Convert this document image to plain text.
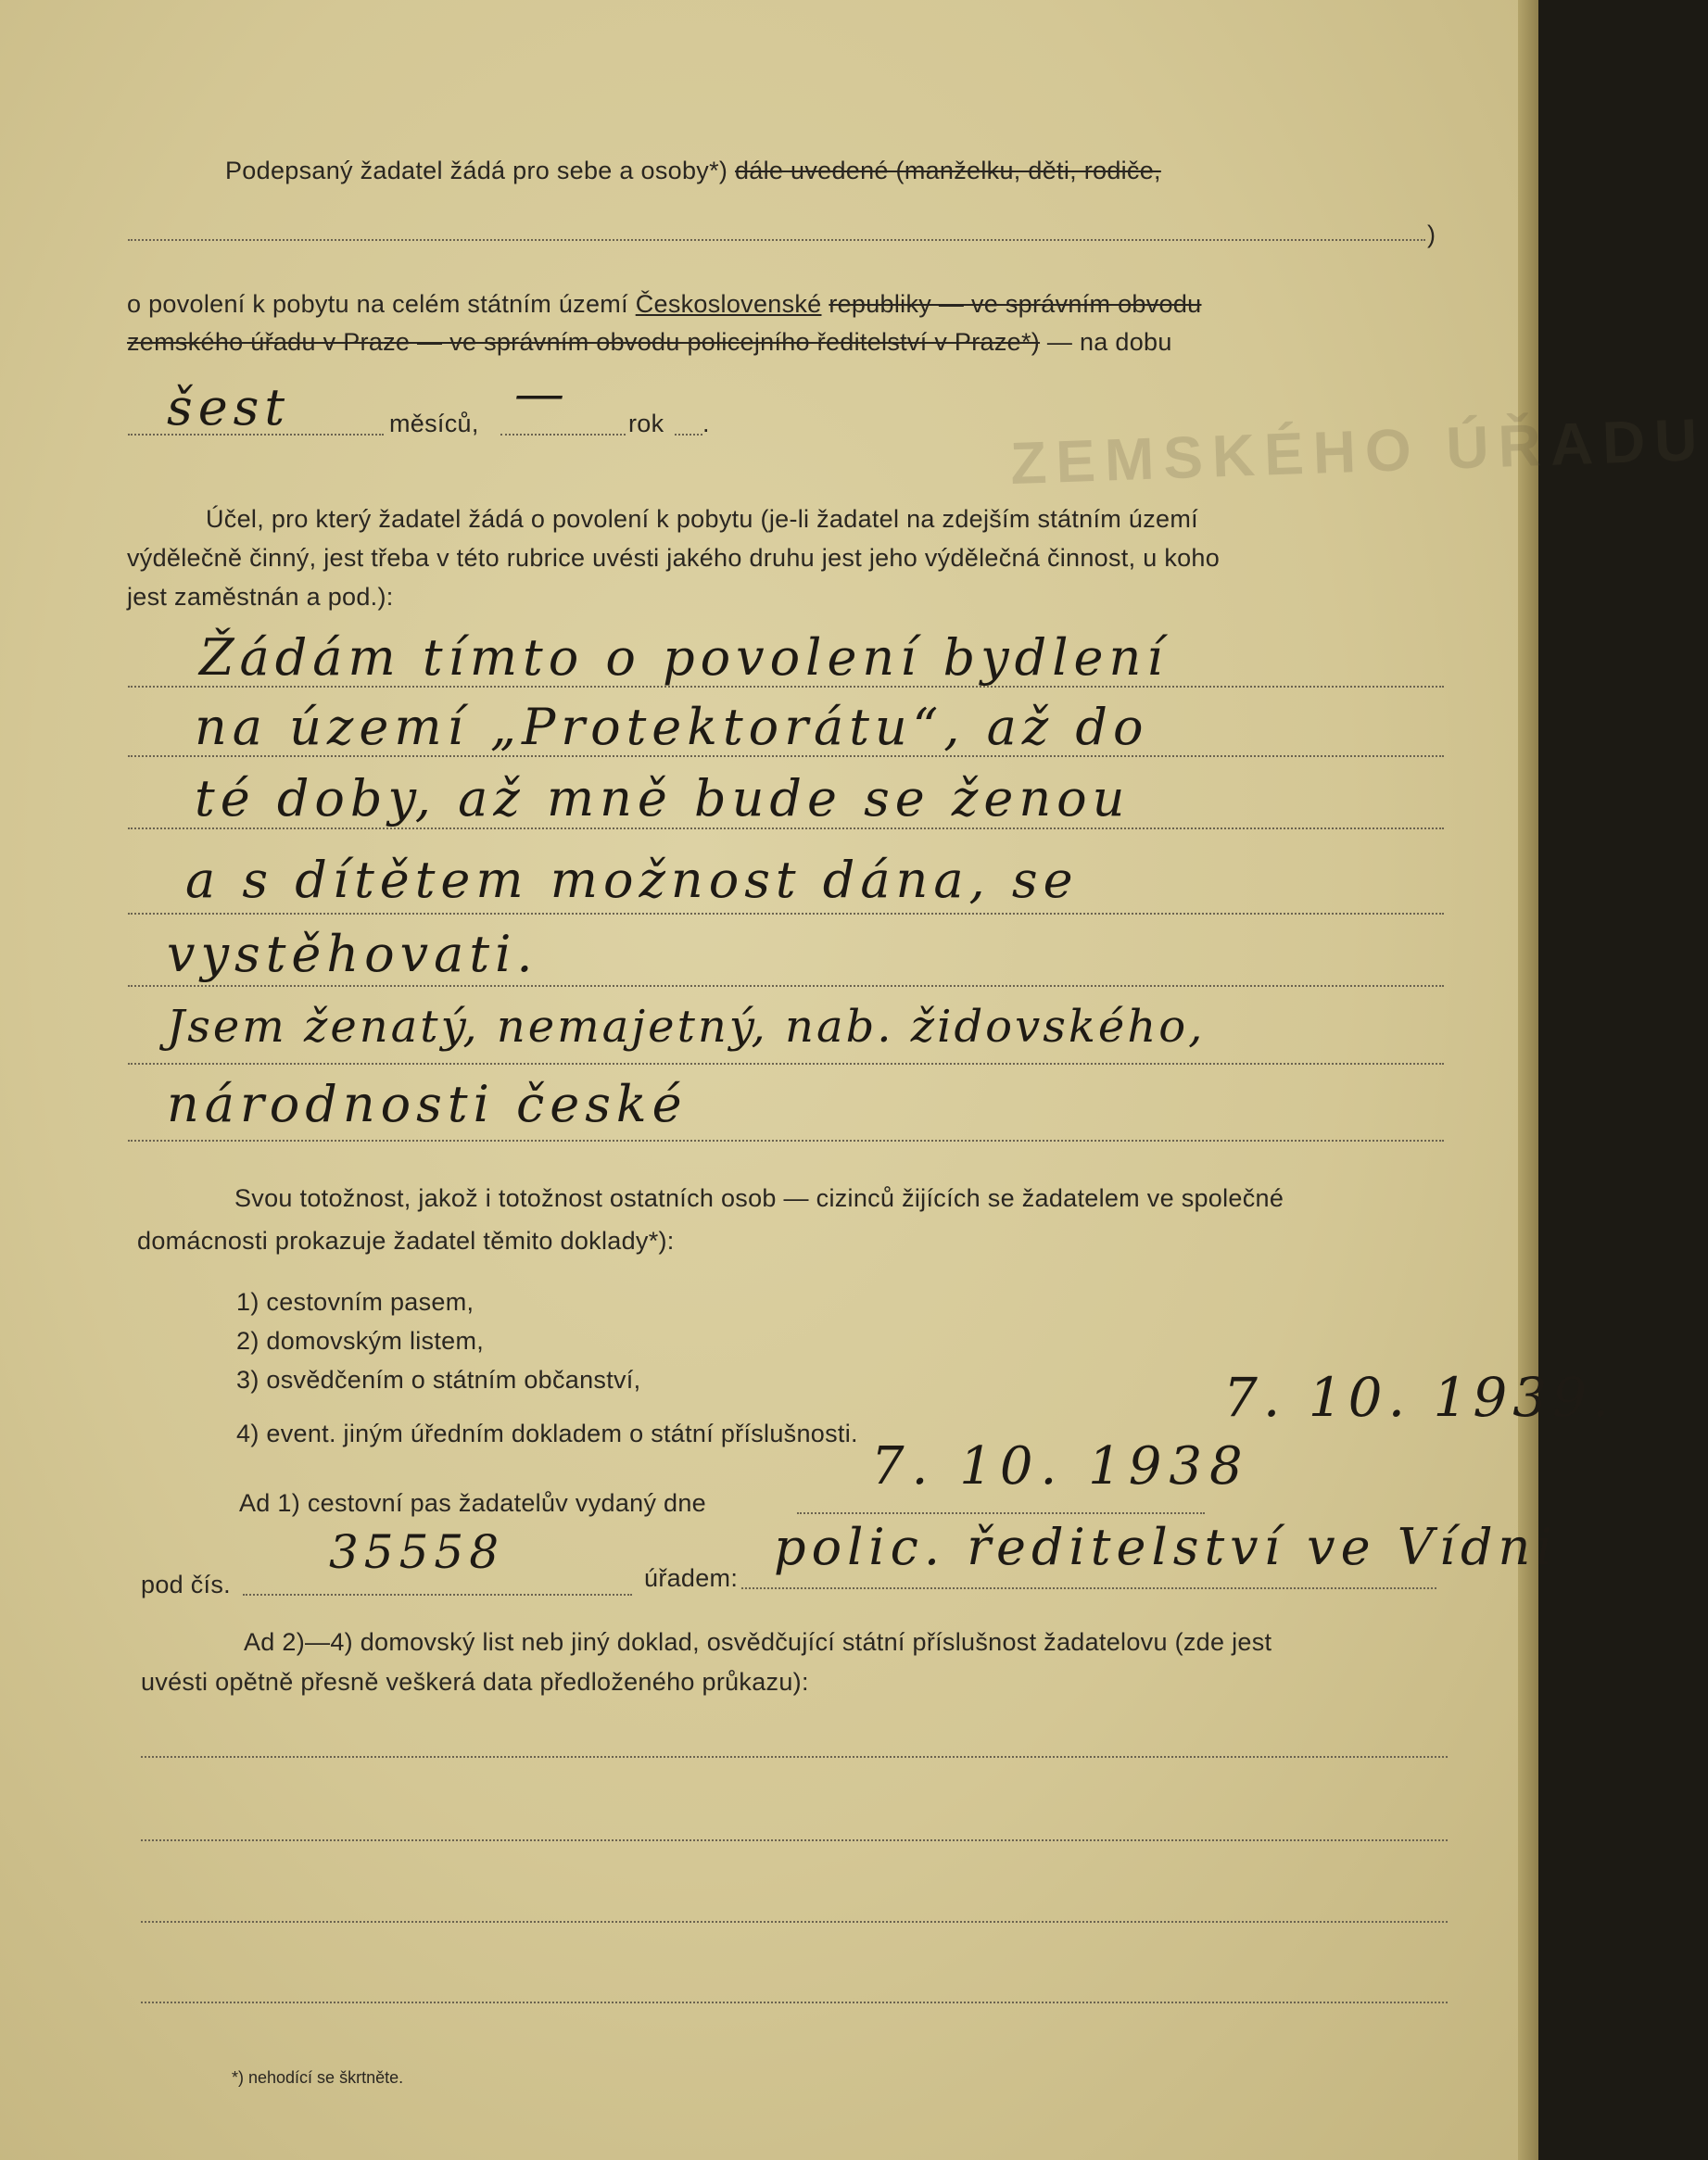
ZEMSKÉHO ÚŘADU
Podepsaný žadatel žádá pro sebe a osoby*) dále uvedené (manželku, děti, rodiče,
)
o povolení k pobytu na celém státním území Československé republiky — ve správním obvodu
zemského úřadu v Praze — ve správním obvodu policejního ředitelství v Praze*) — na dobu
šest	měsíců,
—
rok .
Účel, pro který žadatel žádá o povolení k pobytu (je-li žadatel na zdejším státním území
výdělečně činný, jest třeba v této rubrice uvésti jakého druhu jest jeho výdělečná činnost, u koho
jest zaměstnán a pod.):
Žádám tímto o povolení bydlení
na území „Protektorátu“, až do
té doby, až mně bude se ženou
a s dítětem možnost dána, se
vystěhovati.
Jsem ženatý, nemajetný, nab. židovského,
národnosti české
Svou totožnost, jakož i totožnost ostatních osob — cizinců žijících se žadatelem ve společné
domácnosti prokazuje žadatel těmito doklady*):
1) cestovním pasem,
2) domovským listem,
3) osvědčením o státním občanství,
4) event. jiným úředním dokladem o státní příslušnosti.
7. 10. 1939.
Ad 1) cestovní pas žadatelův vydaný dne
7. 10. 1938
pod čís.
35558	úřadem:
polic. ředitelství ve Vídni
Ad 2)—4) domovský list neb jiný doklad, osvědčující státní příslušnost žadatelovu (zde jest
uvésti opětně přesně veškerá data předloženého průkazu):
*) nehodící se škrtněte.
